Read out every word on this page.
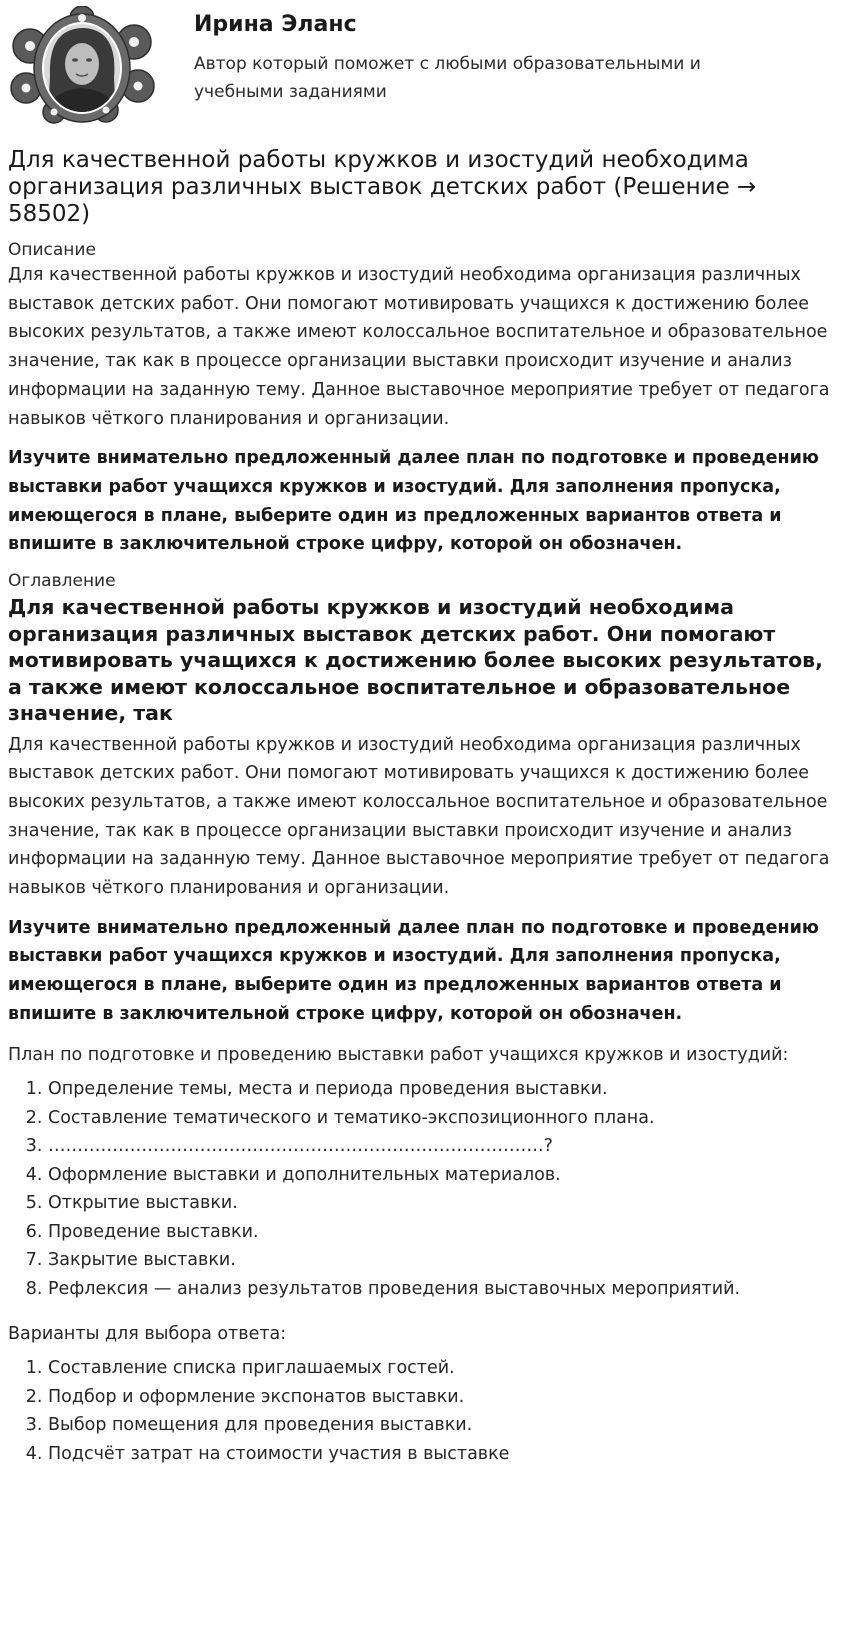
Ирина Эланс
Автор который поможет с любыми образовательными и учебными заданиями
Для качественной работы кружков и изостудий необходима организация различных выставок детских работ (Решение → 58502)
Описание

Для качественной работы кружков и изостудий необходима организация различных выставок детских работ. Они помогают мотивировать учащихся к достижению более высоких результатов, а также имеют колоссальное воспитательное и образовательное значение, так как в процессе организации выставки происходит изучение и анализ информации на заданную тему. Данное выставочное мероприятие требует от педагога навыков чёткого планирования и организации.

Изучите внимательно предложенный далее план по подготовке и проведению выставки работ учащихся кружков и изостудий. Для заполнения пропуска, имеющегося в плане, выберите один из предложенных вариантов ответа и впишите в заключительной строке цифру, которой он обозначен.

Оглавление
Для качественной работы кружков и изостудий необходима организация различных выставок детских работ. Они помогают мотивировать учащихся к достижению более высоких результатов, а также имеют колоссальное воспитательное и образовательное значение, так

Для качественной работы кружков и изостудий необходима организация различных выставок детских работ. Они помогают мотивировать учащихся к достижению более высоких результатов, а также имеют колоссальное воспитательное и образовательное значение, так как в процессе организации выставки происходит изучение и анализ информации на заданную тему. Данное выставочное мероприятие требует от педагога навыков чёткого планирования и организации.

Изучите внимательно предложенный далее план по подготовке и проведению выставки работ учащихся кружков и изостудий. Для заполнения пропуска, имеющегося в плане, выберите один из предложенных вариантов ответа и впишите в заключительной строке цифру, которой он обозначен.

План по подготовке и проведению выставки работ учащихся кружков и изостудий:

1. Определение темы, места и периода проведения выставки.
2. Составление тематического и тематико-экспозиционного плана.
3. ………………………………………………………………………….?
4. Оформление выставки и дополнительных материалов.
5. Открытие выставки.
6. Проведение выставки.
7. Закрытие выставки.
8. Рефлексия — анализ результатов проведения выставочных мероприятий.
Варианты для выбора ответа:
1. Составление списка приглашаемых гостей.
2. Подбор и оформление экспонатов выставки.
3. Выбор помещения для проведения выставки.
4. Подсчёт затрат на стоимости участия в выставке
